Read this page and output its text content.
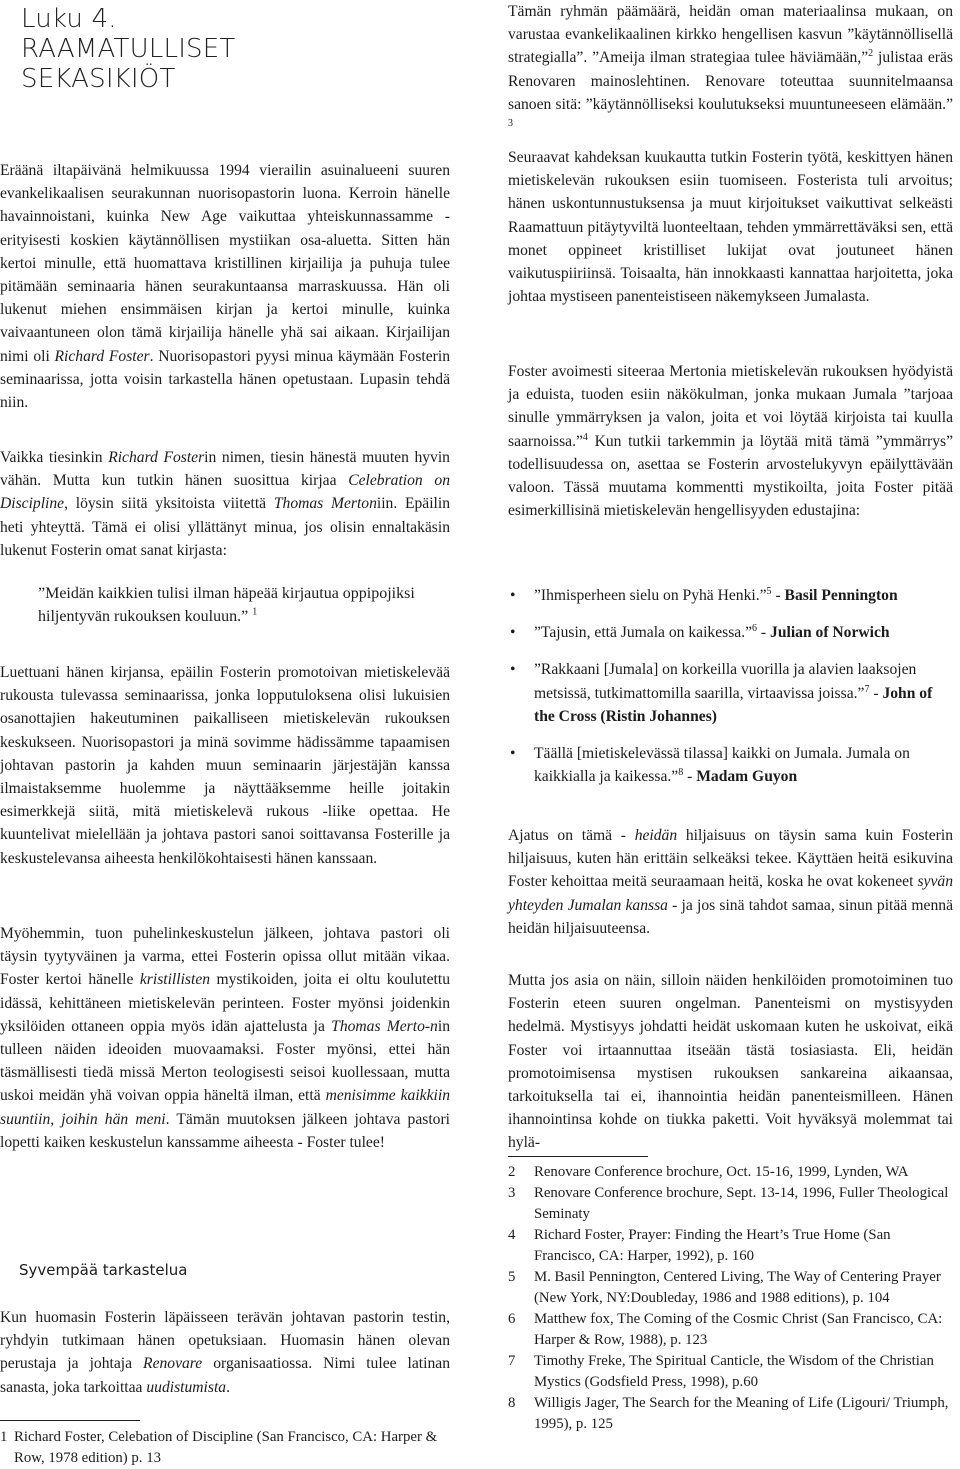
Luku 4.
RAAMATULLISET
SEKASIKIÖT

Eräänä iltapäivänä helmikuussa 1994 vierailin asuinalueeni suuren evankelikaalisen seurakunnan nuorisopastorin luona. Kerroin hänelle havainnoistani, kuinka New Age vaikuttaa yhteiskunnassamme - erityisesti koskien käytännöllisen mystiikan osa-aluetta. Sitten hän kertoi minulle, että huomattava kristillinen kirjailija ja puhuja tulee pitämään seminaaria hänen seurakuntaansa marraskuussa. Hän oli lukenut miehen ensimmäisen kirjan ja kertoi minulle, kuinka vaivaantuneen olon tämä kirjailija hänelle yhä sai aikaan. Kirjailijan nimi oli Richard Foster. Nuorisopastori pyysi minua käymään Fosterin seminaarissa, jotta voisin tarkastella hänen opetustaan. Lupasin tehdä niin.

Vaikka tiesinkin Richard Fosterin nimen, tiesin hänestä muuten hyvin vähän. Mutta kun tutkin hänen suosittua kirjaa Celebration on Discipline, löysin siitä yksitoista viitettä Thomas Mertoniin. Epäilin heti yhteyttä. Tämä ei olisi yllättänyt minua, jos olisin ennaltakäsin lukenut Fosterin omat sanat kirjasta:

”Meidän kaikkien tulisi ilman häpeää kirjautua oppipojiksi hiljentyvän rukouksen kouluun.” $^1$

Luettuani hänen kirjansa, epäilin Fosterin promotoivan mietiskelevää rukousta tulevassa seminaarissa, jonka lopputuloksena olisi lukuisien osanottajien hakeutuminen paikalliseen mietiskelevän rukouksen keskukseen. Nuorisopastori ja minä sovimme hädissämme tapaamisen johtavan pastorin ja kahden muun seminaarin järjestäjän kanssa ilmaistaksemme huolemme ja näyttääksemme heille joitakin esimerkkejä siitä, mitä mietiskelevä rukous -liike opettaa. He kuuntelivat mielellään ja johtava pastori sanoi soittavansa Fosterille ja keskustelevansa aiheesta henkilökohtaisesti hänen kanssaan.

Myöhemmin, tuon puhelinkeskustelun jälkeen, johtava pastori oli täysin tyytyväinen ja varma, ettei Fosterin opissa ollut mitään vikaa. Foster kertoi hänelle kristillisten mystikoiden, joita ei oltu koulutettu idässä, kehittäneen mietiskelevän perinteen. Foster myönsi joidenkin yksilöiden ottaneen oppia myös idän ajattelusta ja Thomas Merto-nin tulleen näiden ideoiden muovaamaksi. Foster myönsi, ettei hän täsmällisesti tiedä missä Merton teologisesti seisoi kuollessaan, mutta uskoi meidän yhä voivan oppia häneltä ilman, että menisimme kaikkiin suuntiin, joihin hän meni. Tämän muutoksen jälkeen johtava pastori lopetti kaiken keskustelun kanssamme aiheesta - Foster tulee!

Syvempää tarkastelua

Kun huomasin Fosterin läpäisseen terävän johtavan pastorin testin, ryhdyin tutkimaan hänen opetuksiaan. Huomasin hänen olevan perustaja ja johtaja Renovare organisaatiossa. Nimi tulee latinan sanasta, joka tarkoittaa uudistumista.

1 Richard Foster, Celebation of Discipline (San Francisco, CA: Harper & Row, 1978 edition) p. 13

Tämän ryhmän päämäärä, heidän oman materiaalinsa mukaan, on varustaa evankelikaalinen kirkko hengellisen kasvun ”käytännöllisellä strategialla”. ”Ameija ilman strategiaa tulee häviämään,”$^2$ julistaa eräs Renovaren mainoslehtinen. Renovare toteuttaa suunnitelmaansa sanoen sitä: ”käytännölliseksi koulutukseksi muuntuneeseen elämään.” $^3$

Seuraavat kahdeksan kuukautta tutkin Fosterin työtä, keskittyen hänen mietiskelevän rukouksen esiin tuomiseen. Fosterista tuli arvoitus; hänen uskontunnustuksensa ja muut kirjoitukset vaikuttivat selkeästi Raamattuun pitäytyviltä luonteeltaan, tehden ymmärrettäväksi sen, että monet oppineet kristilliset lukijat ovat joutuneet hänen vaikutuspiiriinsä. Toisaalta, hän innokkaasti kannattaa harjoitetta, joka johtaa mystiseen panenteistiseen näkemykseen Jumalasta.

Foster avoimesti siteeraa Mertonia mietiskelevän rukouksen hyödyistä ja eduista, tuoden esiin näkökulman, jonka mukaan Jumala ”tarjoaa sinulle ymmärryksen ja valon, joita et voi löytää kirjoista tai kuulla saarnoissa.”$^4$ Kun tutkii tarkemmin ja löytää mitä tämä ”ymmärrys” todellisuudessa on, asettaa se Fosterin arvostelukyvyn epäilyttävään valoon. Tässä muutama kommentti mystikoilta, joita Foster pitää esimerkillisinä mietiskelevän hengellisyyden edustajina:

• ”Ihmisperheen sielu on Pyhä Henki.”$^5$ - Basil Pennington
• ”Tajusin, että Jumala on kaikessa.”$^6$ - Julian of Norwich
• ”Rakkaani [Jumala] on korkeilla vuorilla ja alavien laaksojen metsissä, tutkimattomilla saarilla, virtaavissa joissa.”$^7$ - John of the Cross (Ristin Johannes)
• Täällä [mietiskelevässä tilassa] kaikki on Jumala. Jumala on kaikkialla ja kaikessa.”$^8$ - Madam Guyon

Ajatus on tämä - heidän hiljaisuus on täysin sama kuin Fosterin hiljaisuus, kuten hän erittäin selkeäksi tekee. Käyttäen heitä esikuvina Foster kehoittaa meitä seuraamaan heitä, koska he ovat kokeneet syvän yhteyden Jumalan kanssa - ja jos sinä tahdot samaa, sinun pitää mennä heidän hiljaisuuteensa.

Mutta jos asia on näin, silloin näiden henkilöiden promotoiminen tuo Fosterin eteen suuren ongelman. Panenteismi on mystisyyden hedelmä. Mystisyys johdatti heidät uskomaan kuten he uskoivat, eikä Foster voi irtaannuttaa itseään tästä tosiasiasta. Eli, heidän promotoimisensa mystisen rukouksen sankareina aikaansaa, tarkoituksella tai ei, ihannointia heidän panenteismilleen. Hänen ihannointinsa kohde on tiukka paketti. Voit hyväksyä molemmat tai hylä-

2	Renovare Conference brochure, Oct. 15-16, 1999, Lynden, WA
3	Renovare Conference brochure, Sept. 13-14, 1996, Fuller Theological Seminaty
4	Richard Foster, Prayer: Finding the Heart’s True Home (San Francisco, CA: Harper, 1992), p. 160
5	M. Basil Pennington, Centered Living, The Way of Centering Prayer (New York, NY:Doubleday, 1986 and 1988 editions), p. 104
6	Matthew fox, The Coming of the Cosmic Christ (San Francisco, CA: Harper & Row, 1988), p. 123
7	Timothy Freke, The Spiritual Canticle, the Wisdom of the Christian Mystics (Godsfield Press, 1998), p.60
8	Willigis Jager, The Search for the Meaning of Life (Ligouri/ Triumph, 1995), p. 125
